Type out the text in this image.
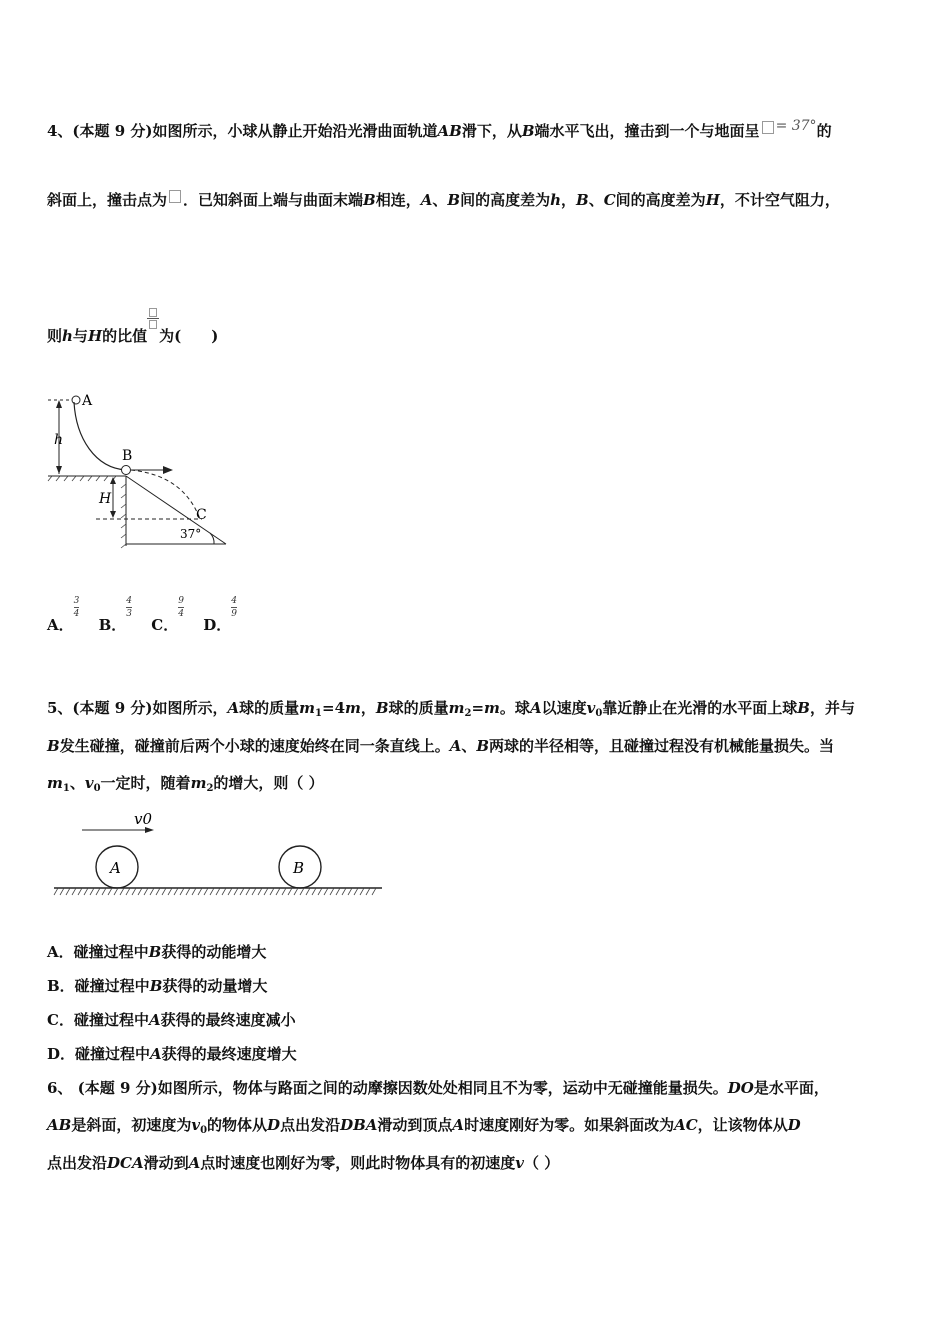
4、(本题 9 分)如图所示，小球从静止开始沿光滑曲面轨道AB滑下，从B端水平飞出，撞击到一个与地面呈 = 37°的
斜面上，撞击点为 ．已知斜面上端与曲面末端B相连，A、B间的高度差为h，B、C间的高度差为H，不计空气阻力，
则h与H的比值 为(　　)
h
A
B
H
C
37°
A．
$\frac{3}{4}$
B．
$\frac{4}{3}$
C．
$\frac{9}{4}$
D．
$\frac{4}{9}$
5、(本题 9 分)如图所示，A球的质量$m_1=4m$，B球的质量$m_2=m$。球A以速度$v_0$靠近静止在光滑的水平面上球B，并与
B发生碰撞，碰撞前后两个小球的速度始终在同一条直线上。A、B两球的半径相等，且碰撞过程没有机械能量损失。当
$m_1$、$v_0$一定时，随着$m_2$的增大，则（ ）
v0
A	B
A．碰撞过程中B获得的动能增大
B．碰撞过程中B获得的动量增大
C．碰撞过程中A获得的最终速度减小
D．碰撞过程中A获得的最终速度增大
6、 (本题 9 分)如图所示，物体与路面之间的动摩擦因数处处相同且不为零，运动中无碰撞能量损失。DO是水平面，
AB是斜面，初速度为$v_0$的物体从D点出发沿DBA滑动到顶点A时速度刚好为零。如果斜面改为AC，让该物体从D
点出发沿DCA滑动到A点时速度也刚好为零，则此时物体具有的初速度v（ ）
